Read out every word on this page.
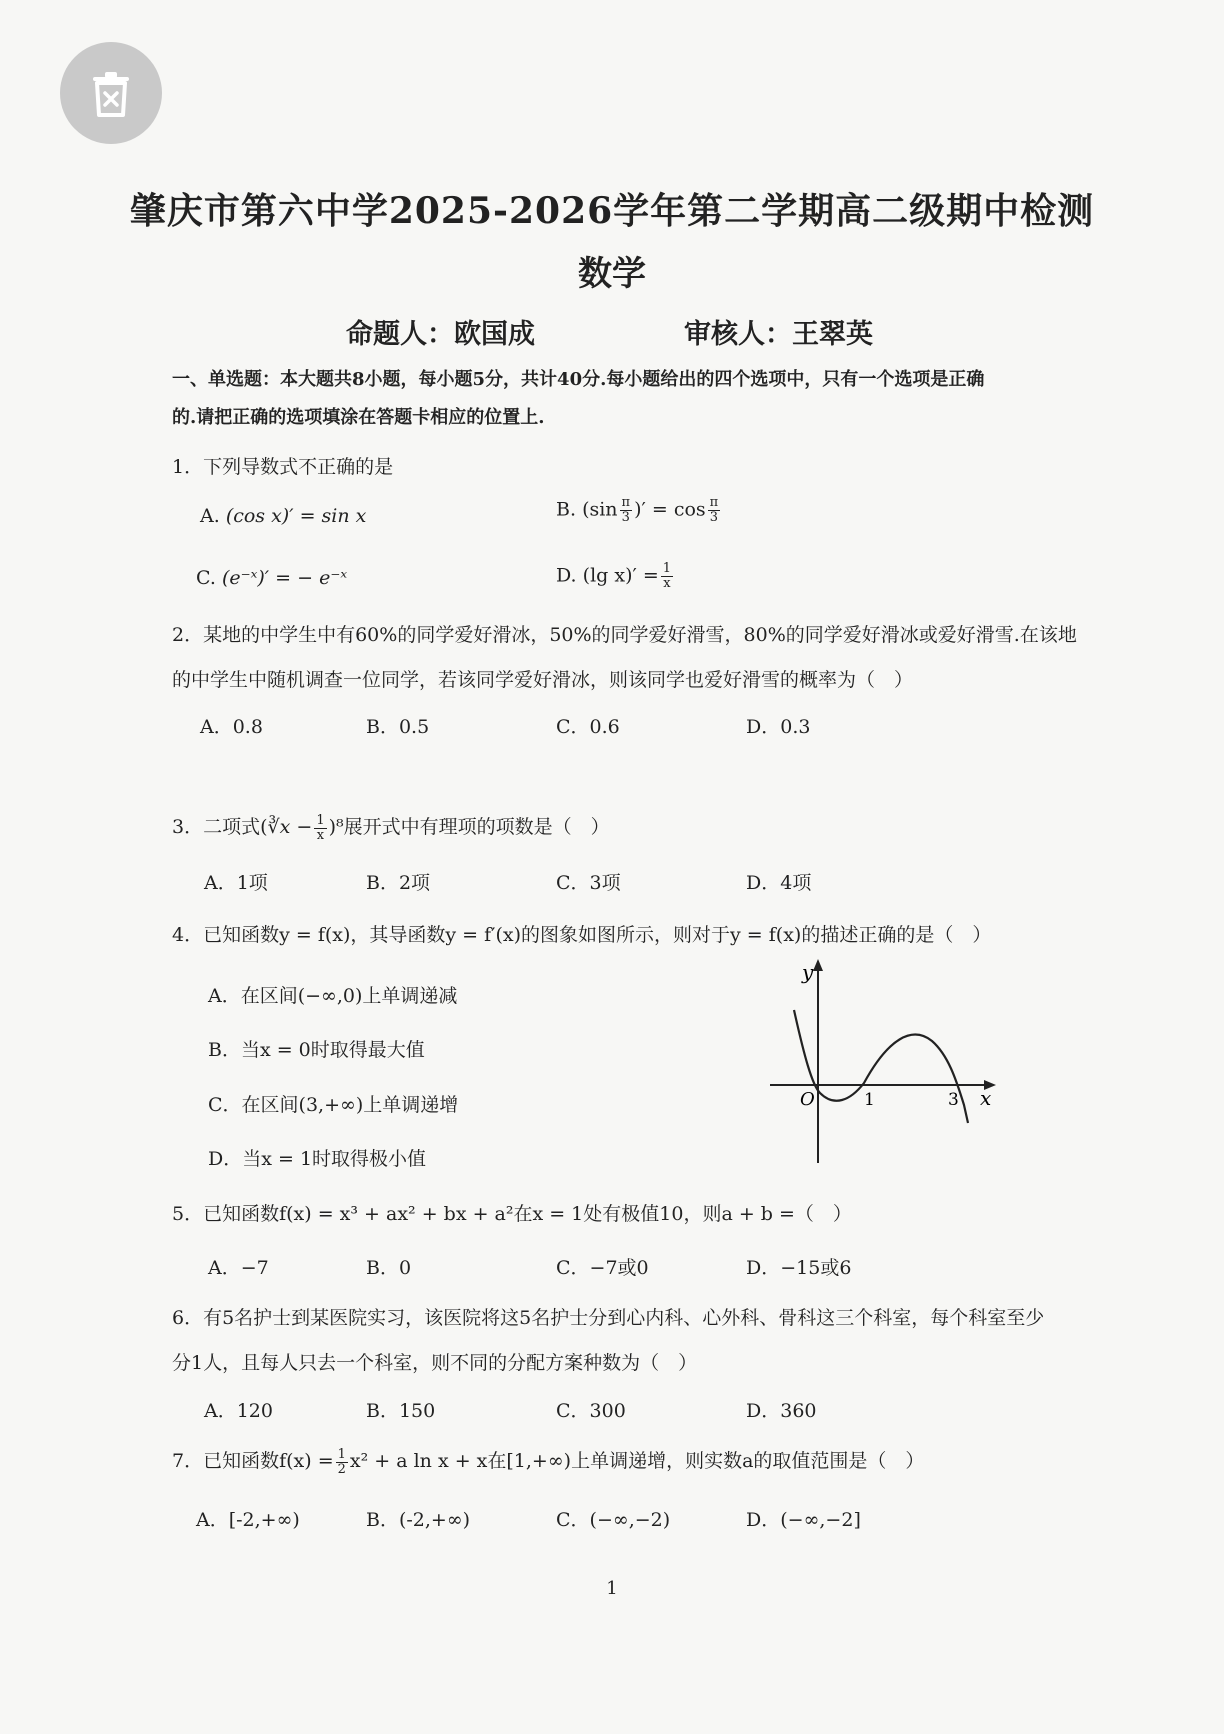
肇庆市第六中学2025-2026学年第二学期高二级期中检测
数学
命题人：欧国成	审核人：王翠英
一、单选题：本大题共8小题，每小题5分，共计40分.每小题给出的四个选项中，只有一个选项是正确
的.请把正确的选项填涂在答题卡相应的位置上.
1．下列导数式不正确的是
A. (cos x)′ = sin x	B. ($\sin \frac{\pi}{3}$ )′ = $\cos \frac{\pi}{3}$
C. (e⁻ˣ)′ = − e⁻ˣ	D. (lg $x)' = \frac{1}{x}$
2．某地的中学生中有60%的同学爱好滑冰，50%的同学爱好滑雪，80%的同学爱好滑冰或爱好滑雪.在该地
的中学生中随机调查一位同学，若该同学爱好滑冰，则该同学也爱好滑雪的概率为（　）
A．0.8	B．0.5	C．0.6	D．0.3
3．二项式(∛x − $\frac{1}{x} )^8$展开式中有理项的项数是（　）
A．1项	B．2项	C．3项	D．4项
4．已知函数y = f(x)，其导函数y = f′(x)的图象如图所示，则对于y = f(x)的描述正确的是（　）
A．在区间(−∞,0)上单调递减
B．当x = 0时取得最大值
C．在区间(3,+∞)上单调递增
D．当x = 1时取得极小值
y
x
O	1	3
5．已知函数f(x) = x³ + ax² + bx + a²在x = 1处有极值10，则a + b =（　）
A．−7	B．0	C．−7或0	D．−15或6
6．有5名护士到某医院实习，该医院将这5名护士分到心内科、心外科、骨科这三个科室，每个科室至少
分1人，且每人只去一个科室，则不同的分配方案种数为（　）
A．120	B．150	C．300	D．360
7．已知函数$f(x) = \frac{1}{2} x^2 + a$ ln x + x在[1,+∞)上单调递增，则实数a的取值范围是（　）
A．[-2,+∞)	B．(-2,+∞)	C．(−∞,−2)	D．(−∞,−2]
1
